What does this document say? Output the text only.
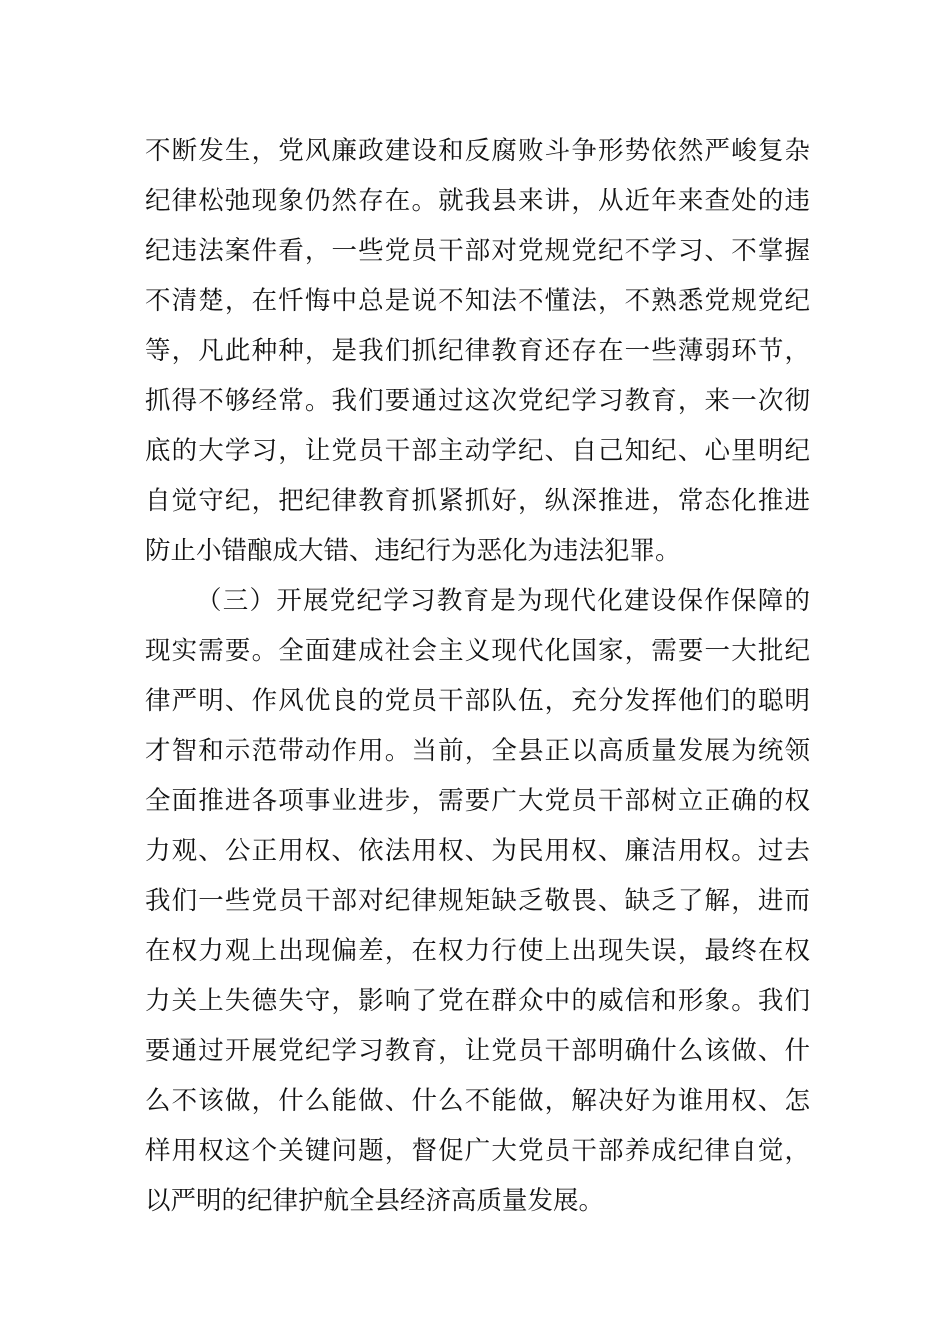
不断发生，党风廉政建设和反腐败斗争形势依然严峻复杂
纪律松弛现象仍然存在。就我县来讲，从近年来查处的违
纪违法案件看，一些党员干部对党规党纪不学习、不掌握
不清楚，在忏悔中总是说不知法不懂法，不熟悉党规党纪
等，凡此种种，是我们抓纪律教育还存在一些薄弱环节，
抓得不够经常。我们要通过这次党纪学习教育，来一次彻
底的大学习，让党员干部主动学纪、自己知纪、心里明纪
自觉守纪，把纪律教育抓紧抓好，纵深推进，常态化推进
防止小错酿成大错、违纪行为恶化为违法犯罪。
（三）开展党纪学习教育是为现代化建设保作保障的
现实需要。全面建成社会主义现代化国家，需要一大批纪
律严明、作风优良的党员干部队伍，充分发挥他们的聪明
才智和示范带动作用。当前，全县正以高质量发展为统领
全面推进各项事业进步，需要广大党员干部树立正确的权
力观、公正用权、依法用权、为民用权、廉洁用权。过去
我们一些党员干部对纪律规矩缺乏敬畏、缺乏了解，进而
在权力观上出现偏差，在权力行使上出现失误，最终在权
力关上失德失守，影响了党在群众中的威信和形象。我们
要通过开展党纪学习教育，让党员干部明确什么该做、什
么不该做，什么能做、什么不能做，解决好为谁用权、怎
样用权这个关键问题，督促广大党员干部养成纪律自觉，
以严明的纪律护航全县经济高质量发展。
